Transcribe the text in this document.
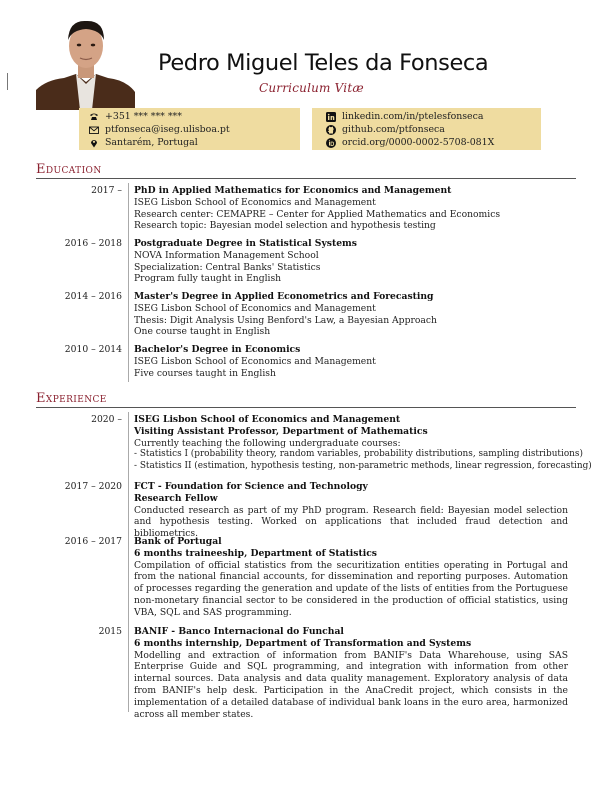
Pedro Miguel Teles da Fonseca
Curriculum Vitæ
+351 *** *** ***
ptfonseca@iseg.ulisboa.pt
Santarém, Portugal
linkedin.com/in/ptelesfonseca
github.com/ptfonseca
orcid.org/0000-0002-5708-081X
Education
2017 – PhD in Applied Mathematics for Economics and Management
ISEG Lisbon School of Economics and Management
Research center: CEMAPRE – Center for Applied Mathematics and Economics
Research topic: Bayesian model selection and hypothesis testing
2016 – 2018 Postgraduate Degree in Statistical Systems
NOVA Information Management School
Specialization: Central Banks' Statistics
Program fully taught in English
2014 – 2016 Master's Degree in Applied Econometrics and Forecasting
ISEG Lisbon School of Economics and Management
Thesis: Digit Analysis Using Benford's Law, a Bayesian Approach
One course taught in English
2010 – 2014 Bachelor's Degree in Economics
ISEG Lisbon School of Economics and Management
Five courses taught in English
Experience
2020 – ISEG Lisbon School of Economics and Management
Visiting Assistant Professor, Department of Mathematics
Currently teaching the following undergraduate courses:
- Statistics I (probability theory, random variables, probability distributions, sampling distributions)
- Statistics II (estimation, hypothesis testing, non-parametric methods, linear regression, forecasting)
2017 – 2020 FCT - Foundation for Science and Technology
Research Fellow
Conducted research as part of my PhD program. Research field: Bayesian model selection and hypothesis testing. Worked on applications that included fraud detection and bibliometrics.
2016 – 2017 Bank of Portugal
6 months traineeship, Department of Statistics
Compilation of official statistics from the securitization entities operating in Portugal and from the national financial accounts, for dissemination and reporting purposes. Automation of processes regarding the generation and update of the lists of entities from the Portuguese non-monetary financial sector to be considered in the production of official statistics, using VBA, SQL and SAS programming.
2015 BANIF - Banco Internacional do Funchal
6 months internship, Department of Transformation and Systems
Modelling and extraction of information from BANIF's Data Wharehouse, using SAS Enterprise Guide and SQL programming, and integration with information from other internal sources. Data analysis and data quality management. Exploratory analysis of data from BANIF's help desk. Participation in the AnaCredit project, which consists in the implementation of a detailed database of individual bank loans in the euro area, harmonized across all member states.
